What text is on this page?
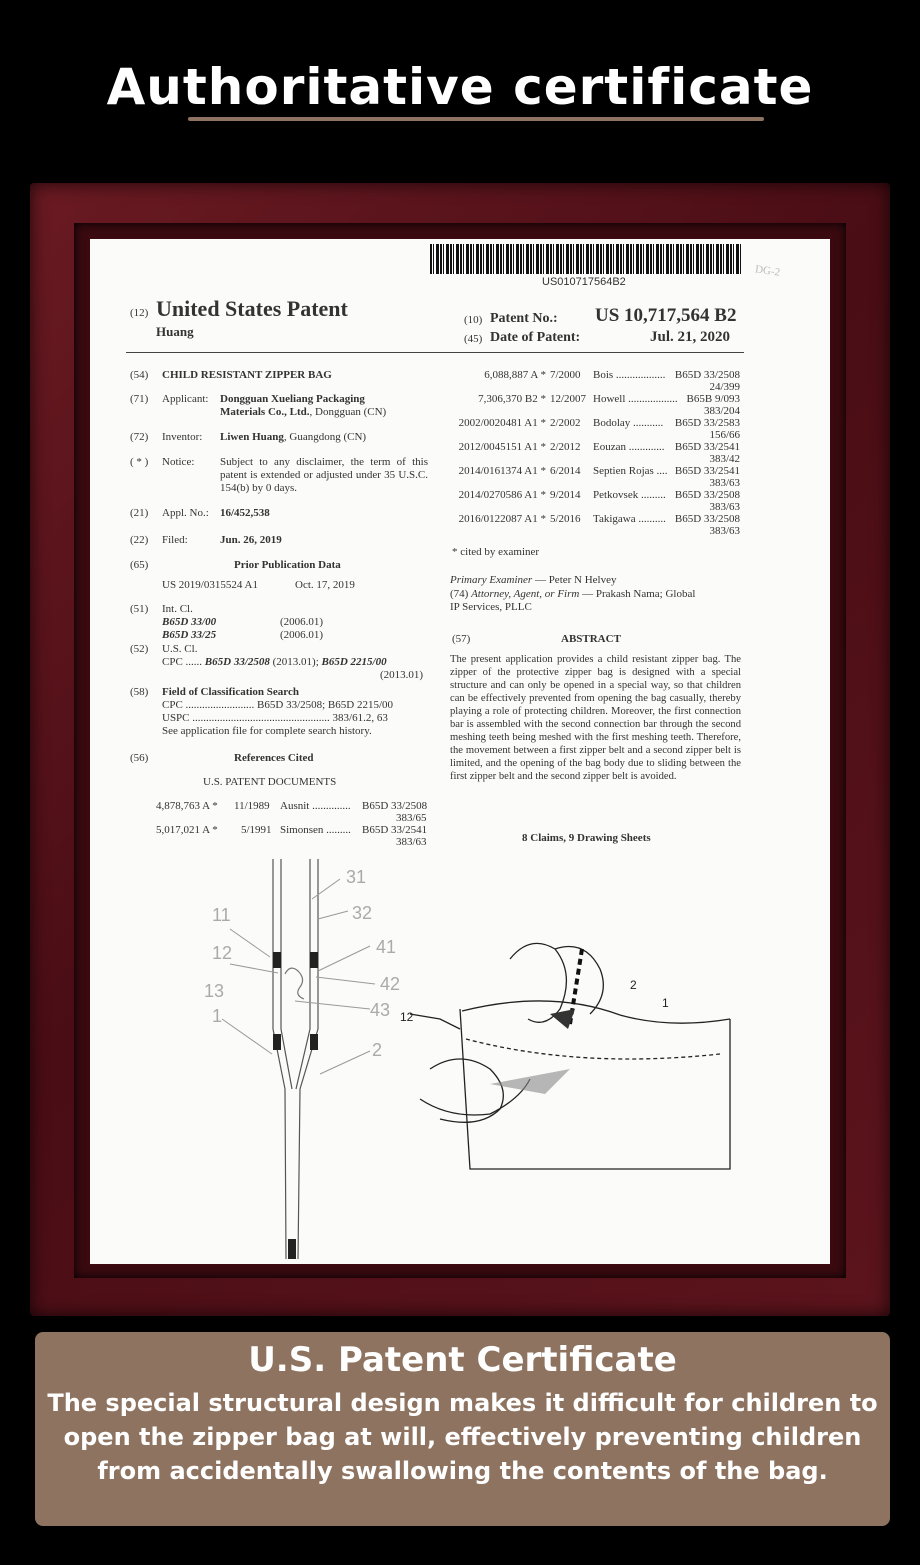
Authoritative certificate
US010717564B2
DG-2
(12) United States Patent
Huang
(10) Patent No.: US 10,717,564 B2
(45) Date of Patent:	Jul. 21, 2020
(54) CHILD RESISTANT ZIPPER BAG
(71) Applicant: Dongguan Xueliang Packaging
Materials Co., Ltd., Dongguan (CN)
(72) Inventor: Liwen Huang, Guangdong (CN)
( * ) Notice: Subject to any disclaimer, the term of this patent is extended or adjusted under 35 U.S.C. 154(b) by 0 days.
(21) Appl. No.: 16/452,538
(22) Filed:	Jun. 26, 2019
(65)	Prior Publication Data
US 2019/0315524 A1	Oct. 17, 2019
(51) Int. Cl.
B65D 33/00	(2006.01)
B65D 33/25	(2006.01)
(52) U.S. Cl.
CPC ...... B65D 33/2508 (2013.01); B65D 2215/00
(2013.01)
(58) Field of Classification Search
CPC ......................... B65D 33/2508; B65D 2215/00
USPC .................................................. 383/61.2, 63
See application file for complete search history.
(56)	References Cited
U.S. PATENT DOCUMENTS
4,878,763 A * 11/1989 Ausnit .............. B65D 33/2508
383/65
5,017,021 A * 5/1991 Simonsen ......... B65D 33/2541
383/63
6,088,887 A * 7/2000 Bois .................. B65D 33/2508
24/399
7,306,370 B2 * 12/2007 Howell .................. B65B 9/093
383/204
2002/0020481 A1 * 2/2002 Bodolay ...........	B65D 33/2583
156/66
2012/0045151 A1 * 2/2012 Eouzan ............. B65D 33/2541
383/42
2014/0161374 A1 * 6/2014 Septien Rojas .... B65D 33/2541
383/63
2014/0270586 A1 * 9/2014 Petkovsek ......... B65D 33/2508
383/63
2016/0122087 A1 * 5/2016 Takigawa .......... B65D 33/2508
383/63
* cited by examiner
Primary Examiner — Peter N Helvey
(74) Attorney, Agent, or Firm — Prakash Nama; Global
IP Services, PLLC
(57)	ABSTRACT
The present application provides a child resistant zipper bag. The zipper of the protective zipper bag is designed with a special structure and can only be opened in a special way, so that children can be effectively prevented from opening the bag casually, thereby playing a role of protecting children. Moreover, the first connection bar is assembled with the second connection bar through the second meshing teeth being meshed with the first meshing teeth. Therefore, the movement between a first zipper belt and a second zipper belt is limited, and the opening of the bag body due to sliding between the first zipper belt and the second zipper belt is avoided.
8 Claims, 9 Drawing Sheets
31
11	32
12	41
13	42
43
1
2
2
1
12
U.S. Patent Certificate
The special structural design makes it difficult for children to open the zipper bag at will, effectively preventing children from accidentally swallowing the contents of the bag.
